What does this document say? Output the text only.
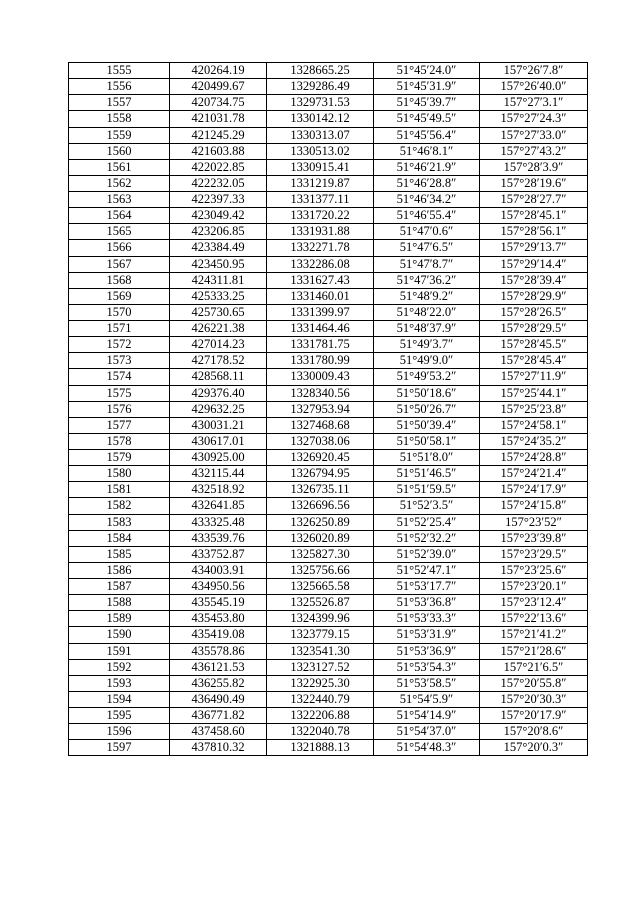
1555	420264.19	1328665.25	51°45′24.0″	157°26′7.8″
1556	420499.67	1329286.49	51°45′31.9″	157°26′40.0″
1557	420734.75	1329731.53	51°45′39.7″	157°27′3.1″
1558	421031.78	1330142.12	51°45′49.5″	157°27′24.3″
1559	421245.29	1330313.07	51°45′56.4″	157°27′33.0″
1560	421603.88	1330513.02	51°46′8.1″	157°27′43.2″
1561	422022.85	1330915.41	51°46′21.9″	157°28′3.9″
1562	422232.05	1331219.87	51°46′28.8″	157°28′19.6″
1563	422397.33	1331377.11	51°46′34.2″	157°28′27.7″
1564	423049.42	1331720.22	51°46′55.4″	157°28′45.1″
1565	423206.85	1331931.88	51°47′0.6″	157°28′56.1″
1566	423384.49	1332271.78	51°47′6.5″	157°29′13.7″
1567	423450.95	1332286.08	51°47′8.7″	157°29′14.4″
1568	424311.81	1331627.43	51°47′36.2″	157°28′39.4″
1569	425333.25	1331460.01	51°48′9.2″	157°28′29.9″
1570	425730.65	1331399.97	51°48′22.0″	157°28′26.5″
1571	426221.38	1331464.46	51°48′37.9″	157°28′29.5″
1572	427014.23	1331781.75	51°49′3.7″	157°28′45.5″
1573	427178.52	1331780.99	51°49′9.0″	157°28′45.4″
1574	428568.11	1330009.43	51°49′53.2″	157°27′11.9″
1575	429376.40	1328340.56	51°50′18.6″	157°25′44.1″
1576	429632.25	1327953.94	51°50′26.7″	157°25′23.8″
1577	430031.21	1327468.68	51°50′39.4″	157°24′58.1″
1578	430617.01	1327038.06	51°50′58.1″	157°24′35.2″
1579	430925.00	1326920.45	51°51′8.0″	157°24′28.8″
1580	432115.44	1326794.95	51°51′46.5″	157°24′21.4″
1581	432518.92	1326735.11	51°51′59.5″	157°24′17.9″
1582	432641.85	1326696.56	51°52′3.5″	157°24′15.8″
1583	433325.48	1326250.89	51°52′25.4″	157°23′52″
1584	433539.76	1326020.89	51°52′32.2″	157°23′39.8″
1585	433752.87	1325827.30	51°52′39.0″	157°23′29.5″
1586	434003.91	1325756.66	51°52′47.1″	157°23′25.6″
1587	434950.56	1325665.58	51°53′17.7″	157°23′20.1″
1588	435545.19	1325526.87	51°53′36.8″	157°23′12.4″
1589	435453.80	1324399.96	51°53′33.3″	157°22′13.6″
1590	435419.08	1323779.15	51°53′31.9″	157°21′41.2″
1591	435578.86	1323541.30	51°53′36.9″	157°21′28.6″
1592	436121.53	1323127.52	51°53′54.3″	157°21′6.5″
1593	436255.82	1322925.30	51°53′58.5″	157°20′55.8″
1594	436490.49	1322440.79	51°54′5.9″	157°20′30.3″
1595	436771.82	1322206.88	51°54′14.9″	157°20′17.9″
1596	437458.60	1322040.78	51°54′37.0″	157°20′8.6″
1597	437810.32	1321888.13	51°54′48.3″	157°20′0.3″
